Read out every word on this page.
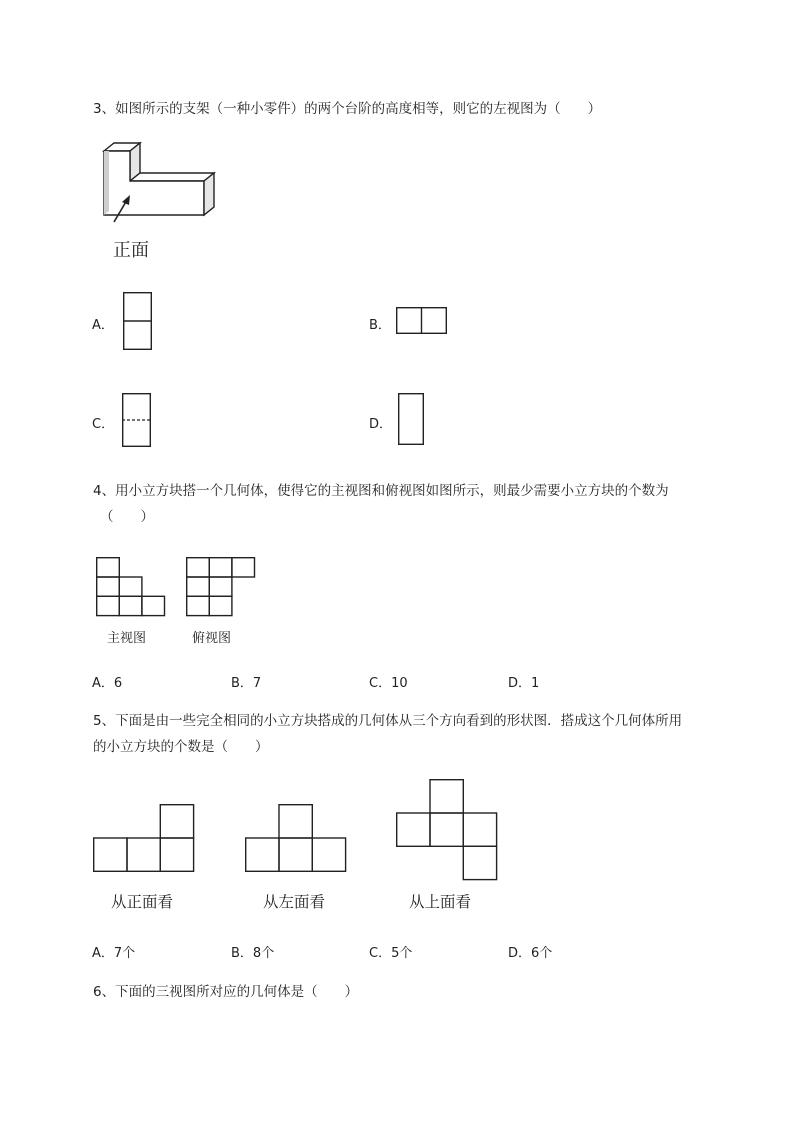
3、如图所示的支架（一种小零件）的两个台阶的高度相等，则它的左视图为（　　）
正面
A．	B．
C．	D．
4、用小立方块搭一个几何体，使得它的主视图和俯视图如图所示，则最少需要小立方块的个数为
（　　）
主视图	俯视图
A．6	B．7	C．10	D．1
5、下面是由一些完全相同的小立方块搭成的几何体从三个方向看到的形状图．搭成这个几何体所用
的小立方块的个数是（　　）
从正面看	从左面看	从上面看
A．7个	B．8个	C．5个	D．6个
6、下面的三视图所对应的几何体是（　　）
